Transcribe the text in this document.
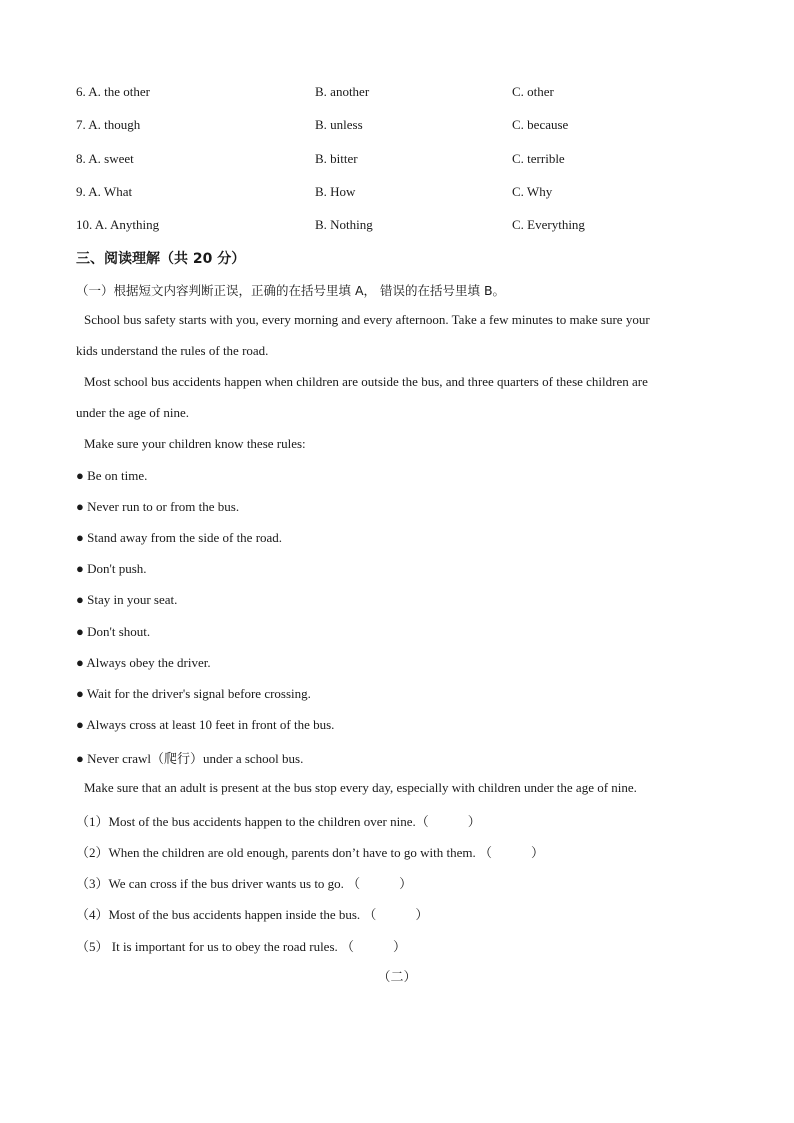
6. A. the other	B. another	C. other
7. A. though	B. unless	C. because
8. A. sweet	B. bitter	C. terrible
9. A. What	B. How	C. Why
10. A. Anything	B. Nothing	C. Everything
三、阅读理解（共 20 分）
（一）根据短文内容判断正误，正确的在括号里填 A， 错误的在括号里填 B。
School bus safety starts with you, every morning and every afternoon. Take a few minutes to make sure your
kids understand the rules of the road.
Most school bus accidents happen when children are outside the bus, and three quarters of these children are
under the age of nine.
Make sure your children know these rules:
● Be on time.
● Never run to or from the bus.
● Stand away from the side of the road.
● Don't push.
● Stay in your seat.
● Don't shout.
● Always obey the driver.
● Wait for the driver's signal before crossing.
● Always cross at least 10 feet in front of the bus.
● Never crawl（爬行）under a school bus.
Make sure that an adult is present at the bus stop every day, especially with children under the age of nine.
（1）Most of the bus accidents happen to the children over nine.（　　　）
（2）When the children are old enough, parents don’t have to go with them. （　　　）
（3）We can cross if the bus driver wants us to go. （　　　）
（4）Most of the bus accidents happen inside the bus. （　　　）
（5） It is important for us to obey the road rules. （　　　）
（二）
